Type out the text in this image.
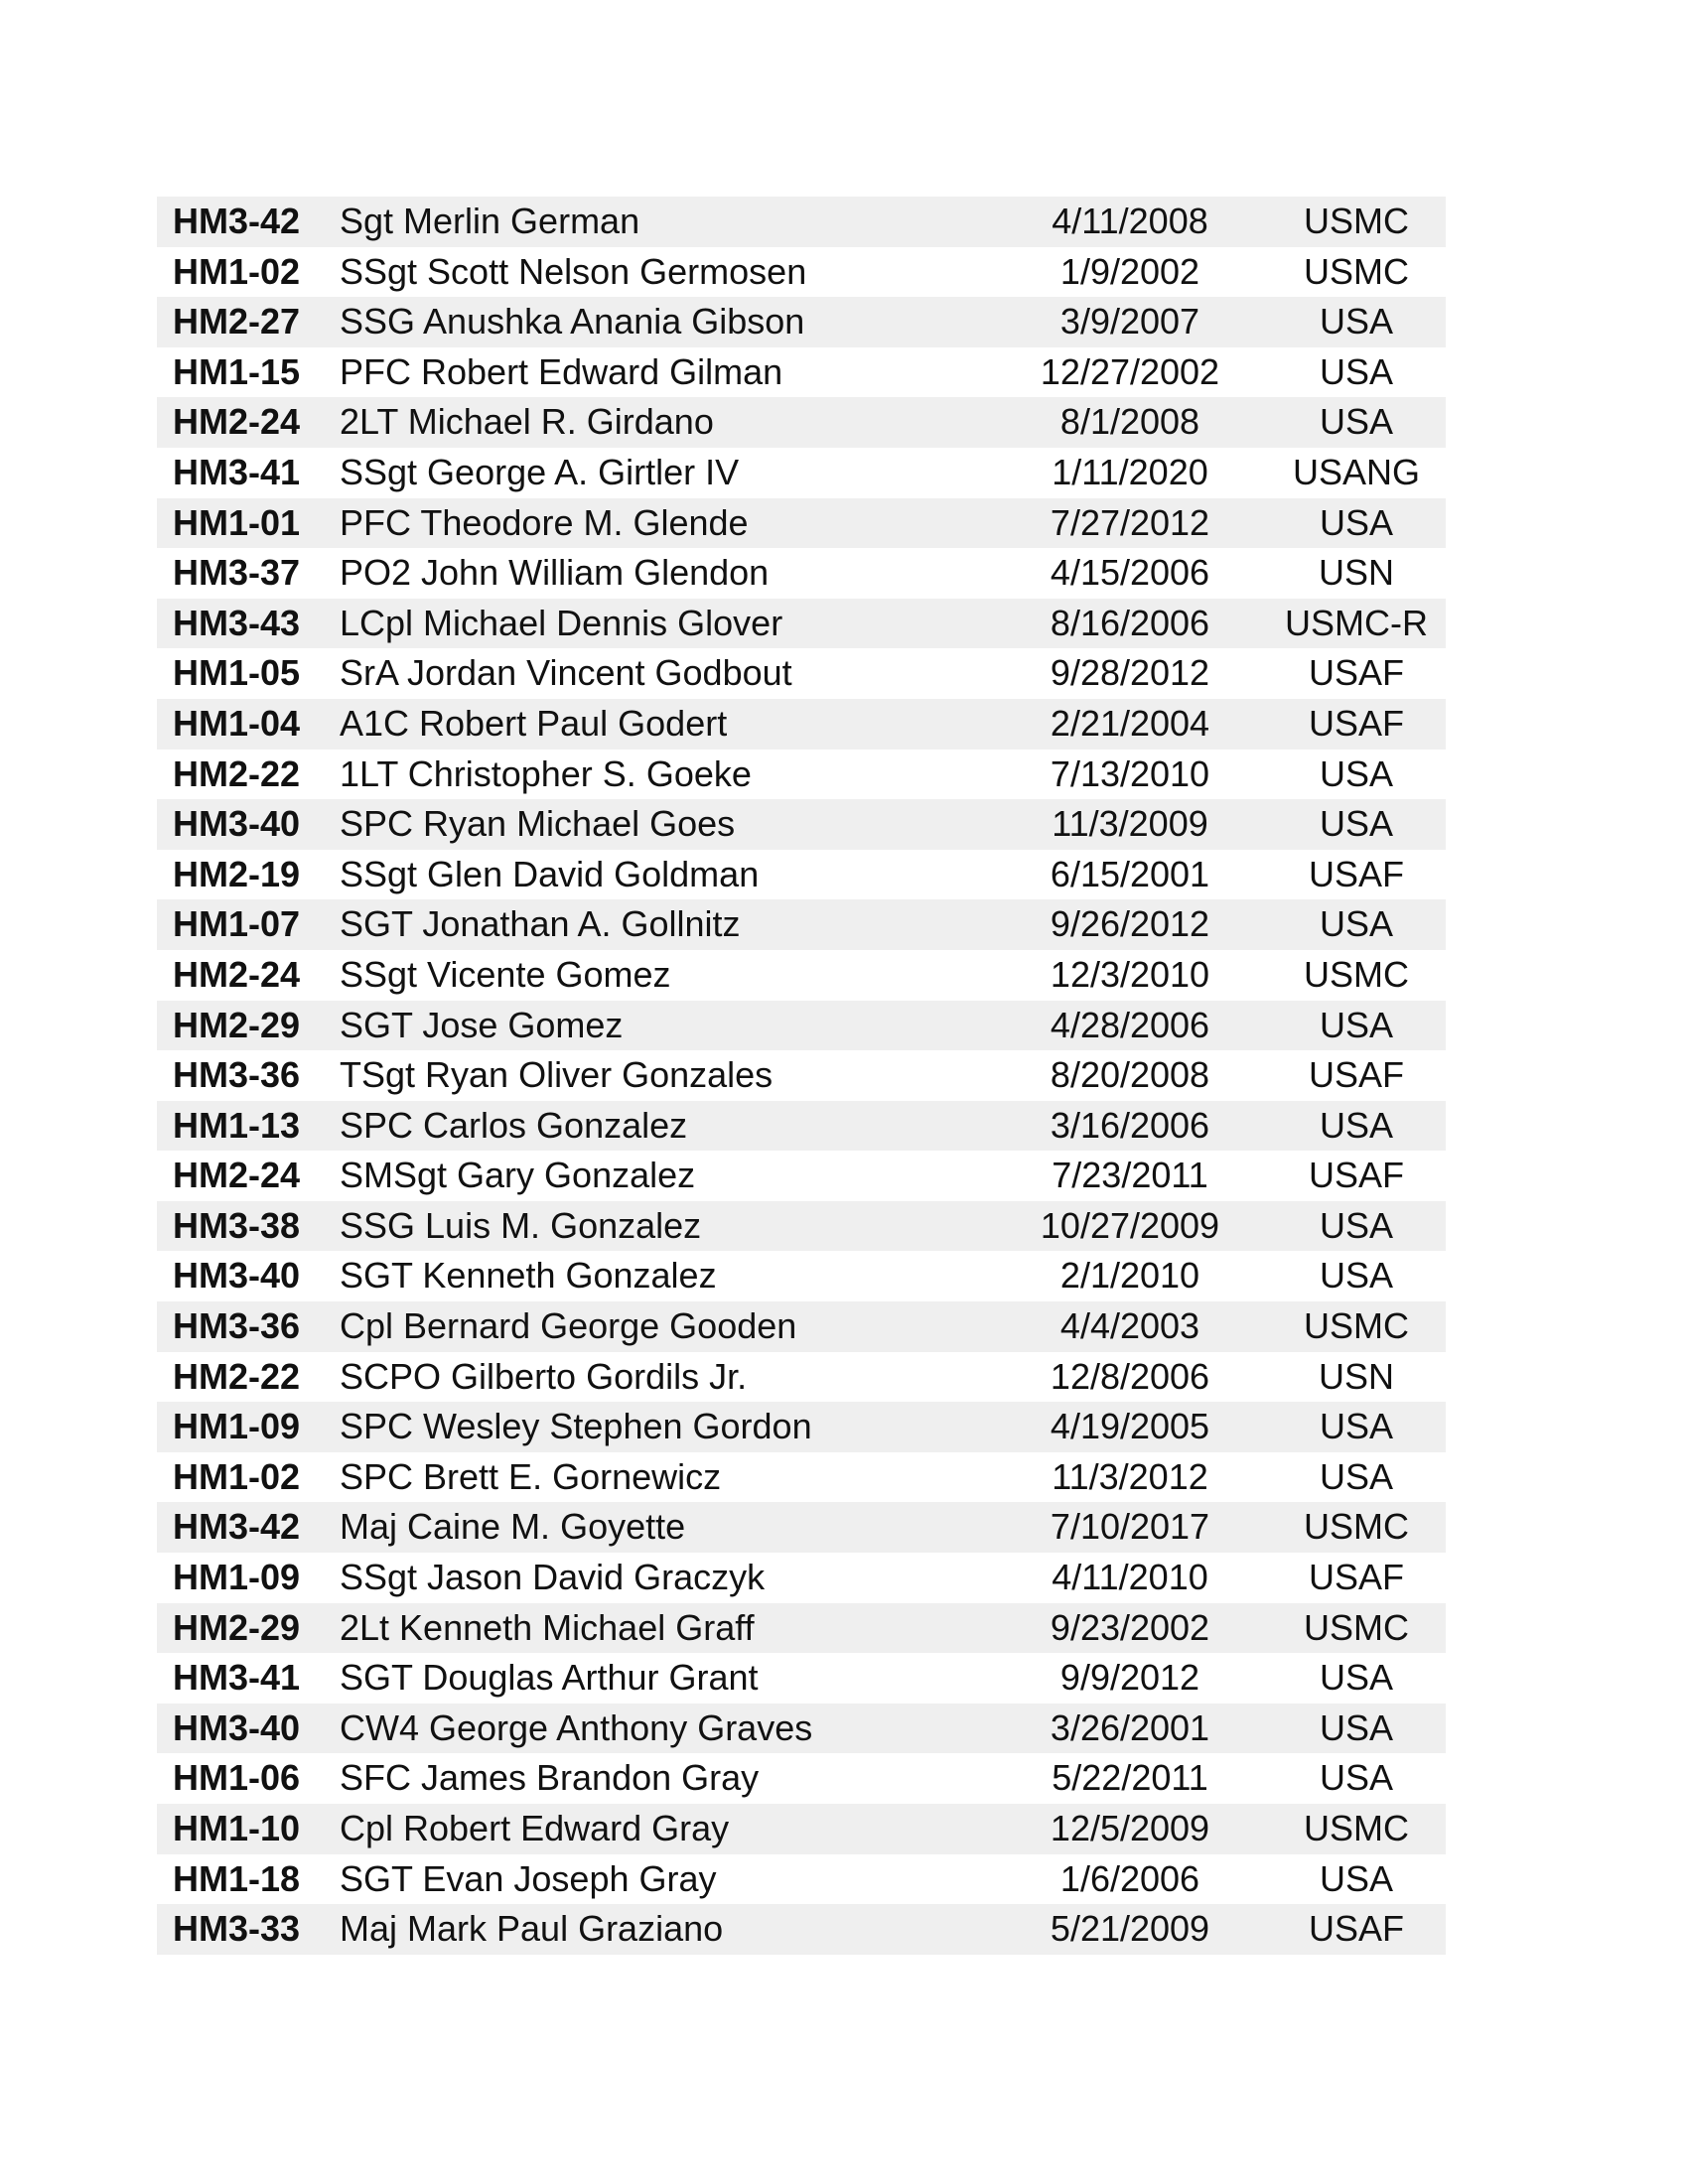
HM3-42	Sgt Merlin German	4/11/2008	USMC
HM1-02	SSgt Scott Nelson Germosen	1/9/2002	USMC
HM2-27	SSG Anushka Anania Gibson	3/9/2007	USA
HM1-15	PFC Robert Edward Gilman	12/27/2002	USA
HM2-24	2LT Michael R. Girdano	8/1/2008	USA
HM3-41	SSgt George A. Girtler IV	1/11/2020	USANG
HM1-01	PFC Theodore M. Glende	7/27/2012	USA
HM3-37	PO2 John William Glendon	4/15/2006	USN
HM3-43	LCpl Michael Dennis Glover	8/16/2006	USMC-R
HM1-05	SrA Jordan Vincent Godbout	9/28/2012	USAF
HM1-04	A1C Robert Paul Godert	2/21/2004	USAF
HM2-22	1LT Christopher S. Goeke	7/13/2010	USA
HM3-40	SPC Ryan Michael Goes	11/3/2009	USA
HM2-19	SSgt Glen David Goldman	6/15/2001	USAF
HM1-07	SGT Jonathan A. Gollnitz	9/26/2012	USA
HM2-24	SSgt Vicente Gomez	12/3/2010	USMC
HM2-29	SGT Jose Gomez	4/28/2006	USA
HM3-36	TSgt Ryan Oliver Gonzales	8/20/2008	USAF
HM1-13	SPC Carlos Gonzalez	3/16/2006	USA
HM2-24	SMSgt Gary Gonzalez	7/23/2011	USAF
HM3-38	SSG Luis M. Gonzalez	10/27/2009	USA
HM3-40	SGT Kenneth Gonzalez	2/1/2010	USA
HM3-36	Cpl Bernard George Gooden	4/4/2003	USMC
HM2-22	SCPO Gilberto Gordils Jr.	12/8/2006	USN
HM1-09	SPC Wesley Stephen Gordon	4/19/2005	USA
HM1-02	SPC Brett E. Gornewicz	11/3/2012	USA
HM3-42	Maj Caine M. Goyette	7/10/2017	USMC
HM1-09	SSgt Jason David Graczyk	4/11/2010	USAF
HM2-29	2Lt Kenneth Michael Graff	9/23/2002	USMC
HM3-41	SGT Douglas Arthur Grant	9/9/2012	USA
HM3-40	CW4 George Anthony Graves	3/26/2001	USA
HM1-06	SFC James Brandon Gray	5/22/2011	USA
HM1-10	Cpl Robert Edward Gray	12/5/2009	USMC
HM1-18	SGT Evan Joseph Gray	1/6/2006	USA
HM3-33	Maj Mark Paul Graziano	5/21/2009	USAF
